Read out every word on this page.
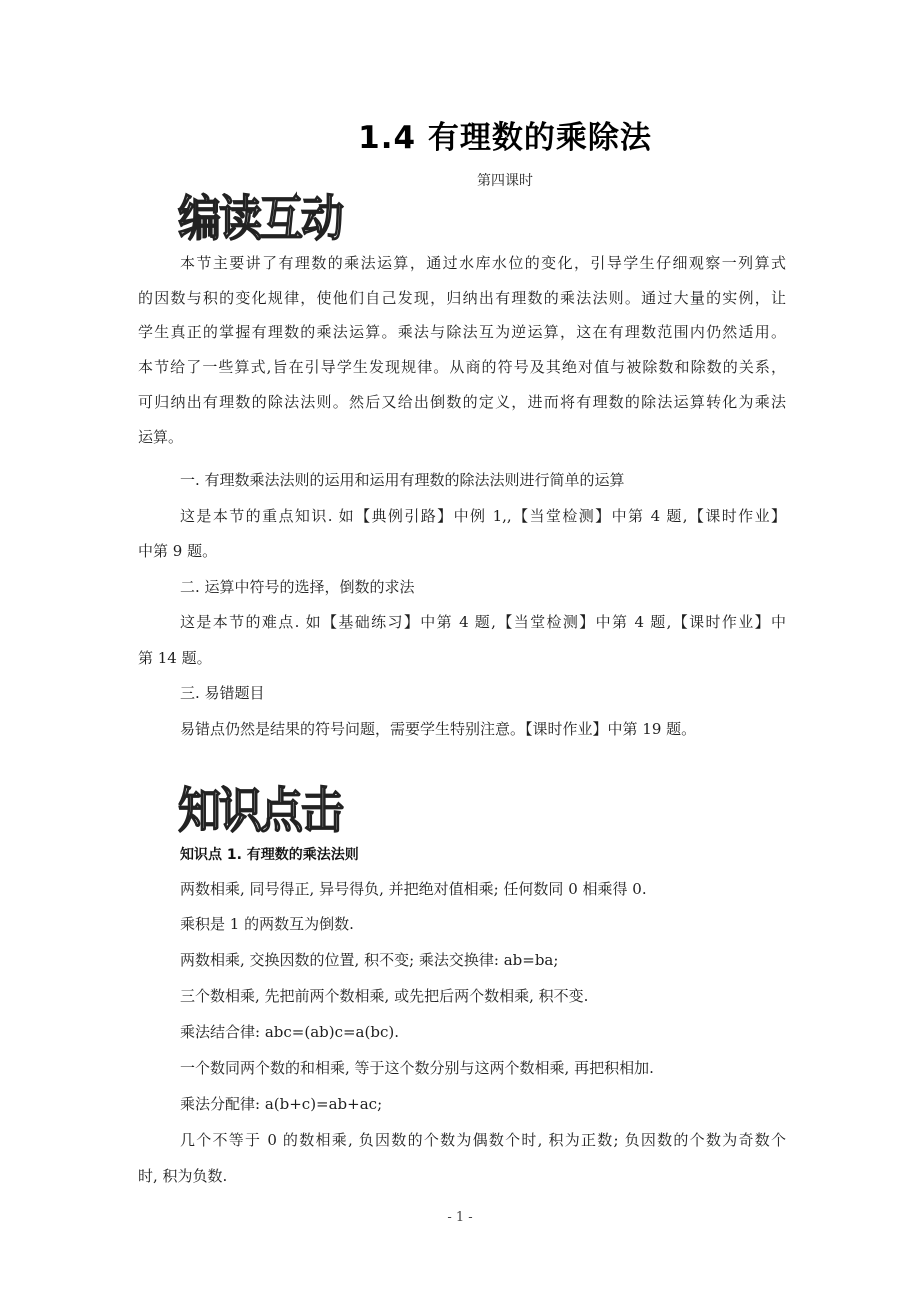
1.4 有理数的乘除法
第四课时
编读互动
本节主要讲了有理数的乘法运算，通过水库水位的变化，引导学生仔细观察一列算式
的因数与积的变化规律，使他们自己发现，归纳出有理数的乘法法则。通过大量的实例，让
学生真正的掌握有理数的乘法运算。乘法与除法互为逆运算，这在有理数范围内仍然适用。
本节给了一些算式,旨在引导学生发现规律。从商的符号及其绝对值与被除数和除数的关系，
可归纳出有理数的除法法则。然后又给出倒数的定义，进而将有理数的除法运算转化为乘法
运算。
一. 有理数乘法法则的运用和运用有理数的除法法则进行简单的运算
这是本节的重点知识. 如【典例引路】中例 1,,【当堂检测】中第 4 题,【课时作业】
中第 9 题。
二. 运算中符号的选择，倒数的求法
这是本节的难点. 如【基础练习】中第 4 题,【当堂检测】中第 4 题,【课时作业】中
第 14 题。
三. 易错题目
易错点仍然是结果的符号问题，需要学生特别注意。【课时作业】中第 19 题。
知识点击
知识点 1. 有理数的乘法法则
两数相乘, 同号得正, 异号得负, 并把绝对值相乘; 任何数同 0 相乘得 0.
乘积是 1 的两数互为倒数.
两数相乘, 交换因数的位置, 积不变; 乘法交换律: ab=ba;
三个数相乘, 先把前两个数相乘, 或先把后两个数相乘, 积不变.
乘法结合律: abc=(ab)c=a(bc).
一个数同两个数的和相乘, 等于这个数分别与这两个数相乘, 再把积相加.
乘法分配律: a(b+c)=ab+ac;
几个不等于 0 的数相乘, 负因数的个数为偶数个时, 积为正数; 负因数的个数为奇数个
时, 积为负数.
- 1 -
